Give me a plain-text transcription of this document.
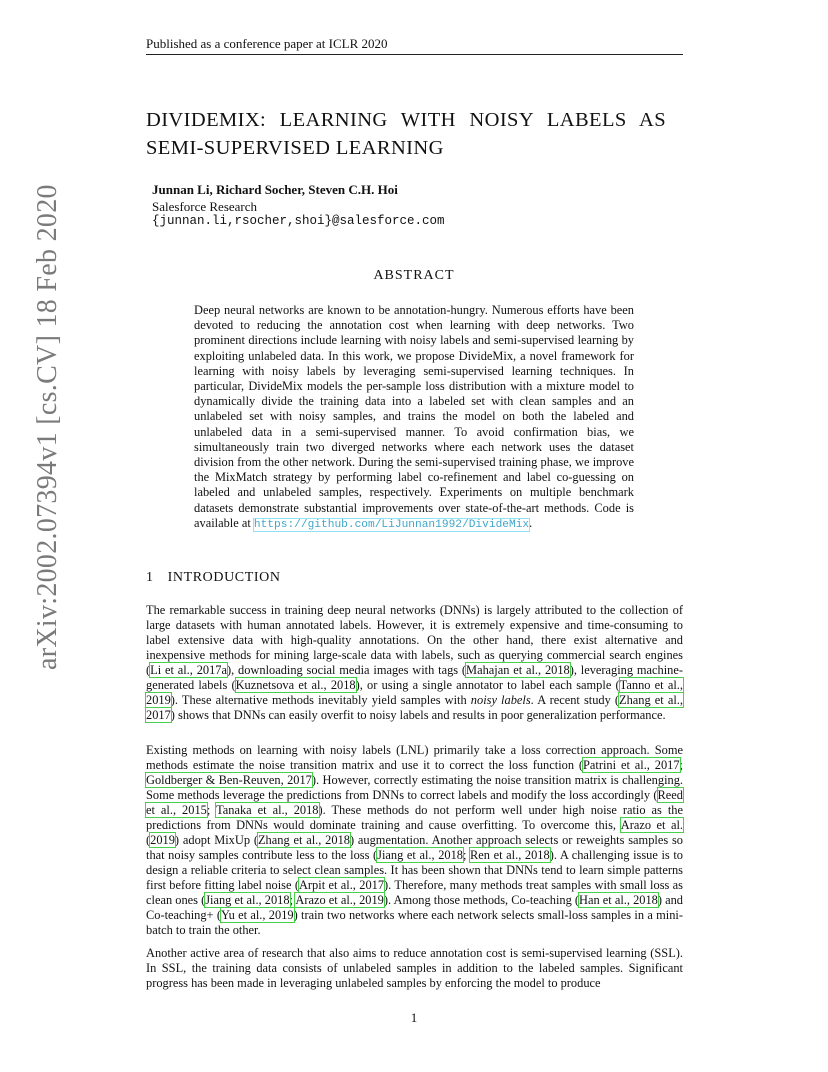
Published as a conference paper at ICLR 2020
arXiv:2002.07394v1 [cs.CV] 18 Feb 2020
DIVIDEMIX: LEARNING WITH NOISY LABELS AS
SEMI-SUPERVISED LEARNING
Junnan Li, Richard Socher, Steven C.H. Hoi
Salesforce Research
{junnan.li,rsocher,shoi}@salesforce.com
ABSTRACT
Deep neural networks are known to be annotation-hungry. Numerous efforts have been devoted to reducing the annotation cost when learning with deep networks. Two prominent directions include learning with noisy labels and semi-supervised learning by exploiting unlabeled data. In this work, we propose DivideMix, a novel framework for learning with noisy labels by leveraging semi-supervised learning techniques. In particular, DivideMix models the per-sample loss distribution with a mixture model to dynamically divide the training data into a labeled set with clean samples and an unlabeled set with noisy samples, and trains the model on both the labeled and unlabeled data in a semi-supervised manner. To avoid confirmation bias, we simultaneously train two diverged networks where each network uses the dataset division from the other network. During the semi-supervised training phase, we improve the MixMatch strategy by performing label co-refinement and label co-guessing on labeled and unlabeled samples, respectively. Experiments on multiple benchmark datasets demonstrate substantial improvements over state-of-the-art methods. Code is available at https://github.com/LiJunnan1992/DivideMix.
1 INTRODUCTION

The remarkable success in training deep neural networks (DNNs) is largely attributed to the collection of large datasets with human annotated labels. However, it is extremely expensive and time-consuming to label extensive data with high-quality annotations. On the other hand, there exist alternative and inexpensive methods for mining large-scale data with labels, such as querying commercial search engines (Li et al., 2017a), downloading social media images with tags (Mahajan et al., 2018), leveraging machine-generated labels (Kuznetsova et al., 2018), or using a single annotator to label each sample (Tanno et al., 2019). These alternative methods inevitably yield samples with noisy labels. A recent study (Zhang et al., 2017) shows that DNNs can easily overfit to noisy labels and results in poor generalization performance.

Existing methods on learning with noisy labels (LNL) primarily take a loss correction approach. Some methods estimate the noise transition matrix and use it to correct the loss function (Patrini et al., 2017; Goldberger & Ben-Reuven, 2017). However, correctly estimating the noise transition matrix is challenging. Some methods leverage the predictions from DNNs to correct labels and modify the loss accordingly (Reed et al., 2015; Tanaka et al., 2018). These methods do not perform well under high noise ratio as the predictions from DNNs would dominate training and cause overfitting. To overcome this, Arazo et al. (2019) adopt MixUp (Zhang et al., 2018) augmentation. Another approach selects or reweights samples so that noisy samples contribute less to the loss (Jiang et al., 2018; Ren et al., 2018). A challenging issue is to design a reliable criteria to select clean samples. It has been shown that DNNs tend to learn simple patterns first before fitting label noise (Arpit et al., 2017). Therefore, many methods treat samples with small loss as clean ones (Jiang et al., 2018; Arazo et al., 2019). Among those methods, Co-teaching (Han et al., 2018) and Co-teaching+ (Yu et al., 2019) train two networks where each network selects small-loss samples in a mini-batch to train the other.

Another active area of research that also aims to reduce annotation cost is semi-supervised learning (SSL). In SSL, the training data consists of unlabeled samples in addition to the labeled samples. Significant progress has been made in leveraging unlabeled samples by enforcing the model to produce

1
